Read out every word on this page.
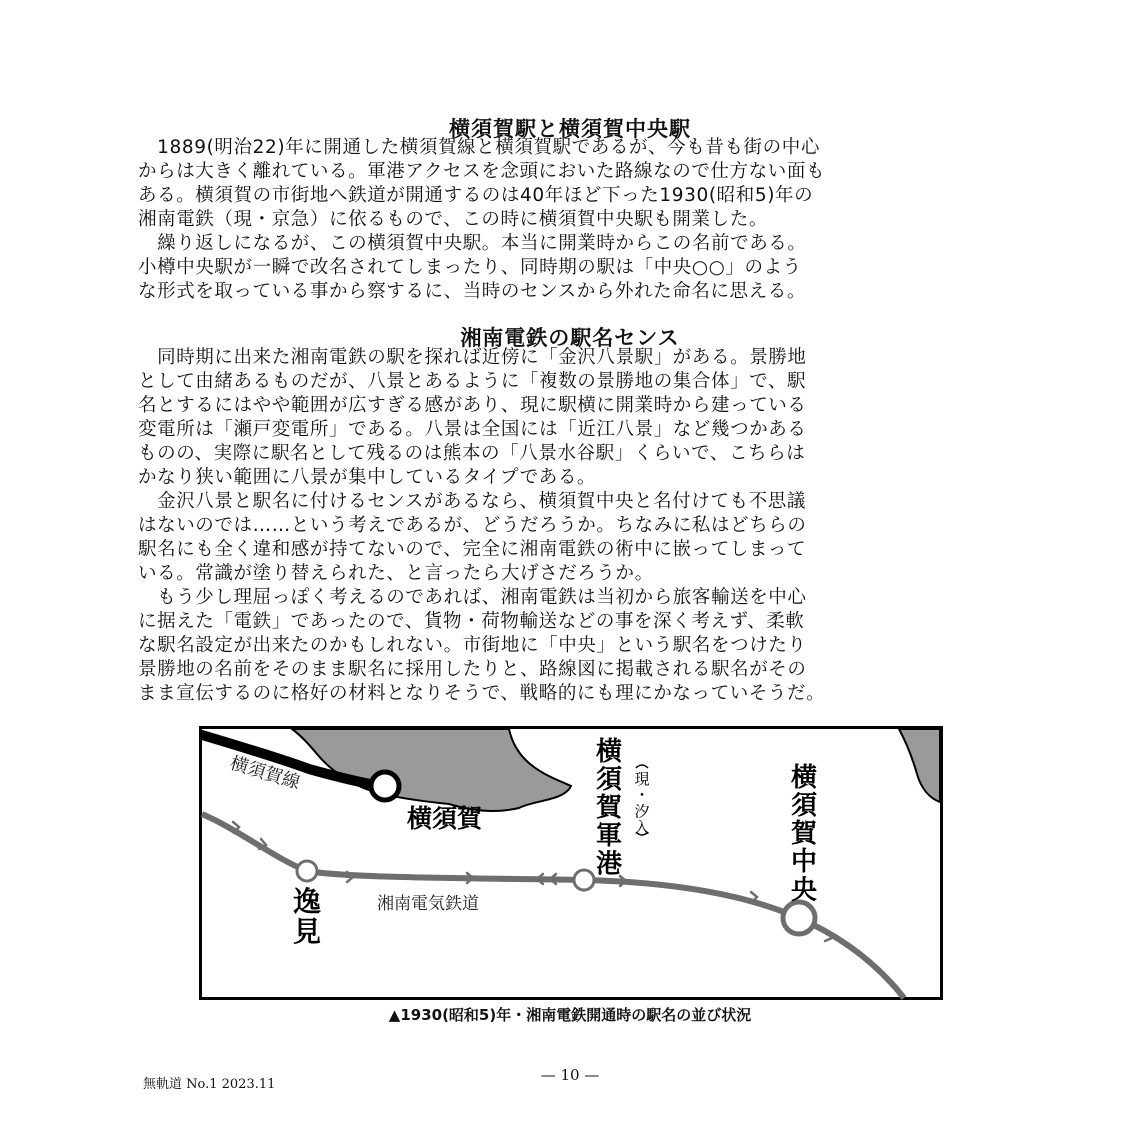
横須賀駅と横須賀中央駅
　1889(明治22)年に開通した横須賀線と横須賀駅であるが、今も昔も街の中心
からは大きく離れている。軍港アクセスを念頭においた路線なので仕方ない面も
ある。横須賀の市街地へ鉄道が開通するのは40年ほど下った1930(昭和5)年の
湘南電鉄（現・京急）に依るもので、この時に横須賀中央駅も開業した。
　繰り返しになるが、この横須賀中央駅。本当に開業時からこの名前である。
小樽中央駅が一瞬で改名されてしまったり、同時期の駅は「中央○○」のよう
な形式を取っている事から察するに、当時のセンスから外れた命名に思える。
湘南電鉄の駅名センス
　同時期に出来た湘南電鉄の駅を探れば近傍に「金沢八景駅」がある。景勝地
として由緒あるものだが、八景とあるように「複数の景勝地の集合体」で、駅
名とするにはやや範囲が広すぎる感があり、現に駅横に開業時から建っている
変電所は「瀬戸変電所」である。八景は全国には「近江八景」など幾つかある
ものの、実際に駅名として残るのは熊本の「八景水谷駅」くらいで、こちらは
かなり狭い範囲に八景が集中しているタイプである。
　金沢八景と駅名に付けるセンスがあるなら、横須賀中央と名付けても不思議
はないのでは……という考えであるが、どうだろうか。ちなみに私はどちらの
駅名にも全く違和感が持てないので、完全に湘南電鉄の術中に嵌ってしまって
いる。常識が塗り替えられた、と言ったら大げさだろうか。
　もう少し理屈っぽく考えるのであれば、湘南電鉄は当初から旅客輸送を中心
に据えた「電鉄」であったので、貨物・荷物輸送などの事を深く考えず、柔軟
な駅名設定が出来たのかもしれない。市街地に「中央」という駅名をつけたり
景勝地の名前をそのまま駅名に採用したりと、路線図に掲載される駅名がその
まま宣伝するのに格好の材料となりそうで、戦略的にも理にかなっていそうだ。
横須賀線
横須賀
湘南電気鉄道
横須賀軍港
現・汐入
横須賀中央
逸見
▲1930(昭和5)年・湘南電鉄開通時の駅名の並び状況
無軌道 No.1 2023.11
— 10 —
